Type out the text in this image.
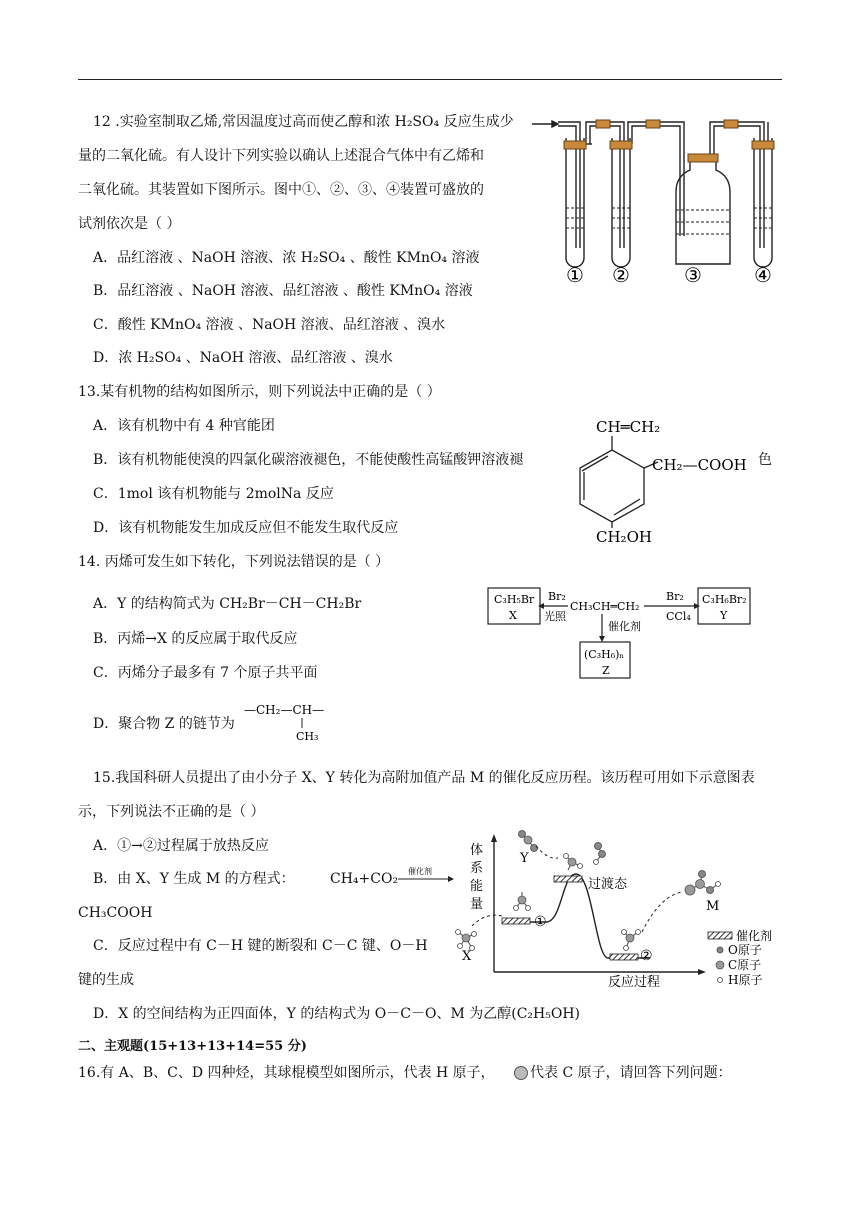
12 .实验室制取乙烯,常因温度过高而使乙醇和浓 H₂SO₄ 反应生成少
量的二氧化硫。有人设计下列实验以确认上述混合气体中有乙烯和
二氧化硫。其装置如下图所示。图中①、②、③、④装置可盛放的
试剂依次是（ ）
A．品红溶液 、NaOH 溶液、浓 H₂SO₄ 、酸性 KMnO₄ 溶液
B．品红溶液 、NaOH 溶液、品红溶液 、酸性 KMnO₄ 溶液
C．酸性 KMnO₄ 溶液 、NaOH 溶液、品红溶液 、溴水
D．浓 H₂SO₄ 、NaOH 溶液、品红溶液 、溴水
① ②	③	④
13.某有机物的结构如图所示，则下列说法中正确的是（ ）
A．该有机物中有 4 种官能团
B．该有机物能使溴的四氯化碳溶液褪色，不能使酸性高锰酸钾溶液褪	色
C．1mol 该有机物能与 2molNa 反应
D．该有机物能发生加成反应但不能发生取代反应
CH═CH₂
CH₂—COOH
CH₂OH
14. 丙烯可发生如下转化，下列说法错误的是（ ）
A．Y 的结构简式为 CH₂Br－CH－CH₂Br
B．丙烯→X 的反应属于取代反应
C．丙烯分子最多有 7 个原子共平面
D．聚合物 Z 的链节为
—CH₂—CH—
CH₃
C₃H₅Br
X
Br₂
光照
CH₃CH═CH₂
Br₂
CCl₄
C₃H₆Br₂
Y
催化剂
(C₃H₆)ₙ
Z
15.我国科研人员提出了由小分子 X、Y 转化为高附加值产品 M 的催化反应历程。该历程可用如下示意图表
示，下列说法不正确的是（ ）
A．①→②过程属于放热反应
B．由 X、Y 生成 M 的方程式：	CH₄+CO₂ 催化剂
CH₃COOH
C．反应过程中有 C－H 键的断裂和 C－C 键、O－H
键的生成
D．X 的空间结构为正四面体，Y 的结构式为 O－C－O、M 为乙醇(C₂H₅OH)
体
系
能
量
反应过程
①
②
过渡态
X
Y
M
催化剂
O原子
C原子
H原子
二、主观题(15+13+13+14=55 分)
16.有 A、B、C、D 四种烃，其球棍模型如图所示，代表 H 原子，	代表 C 原子，请回答下列问题：
